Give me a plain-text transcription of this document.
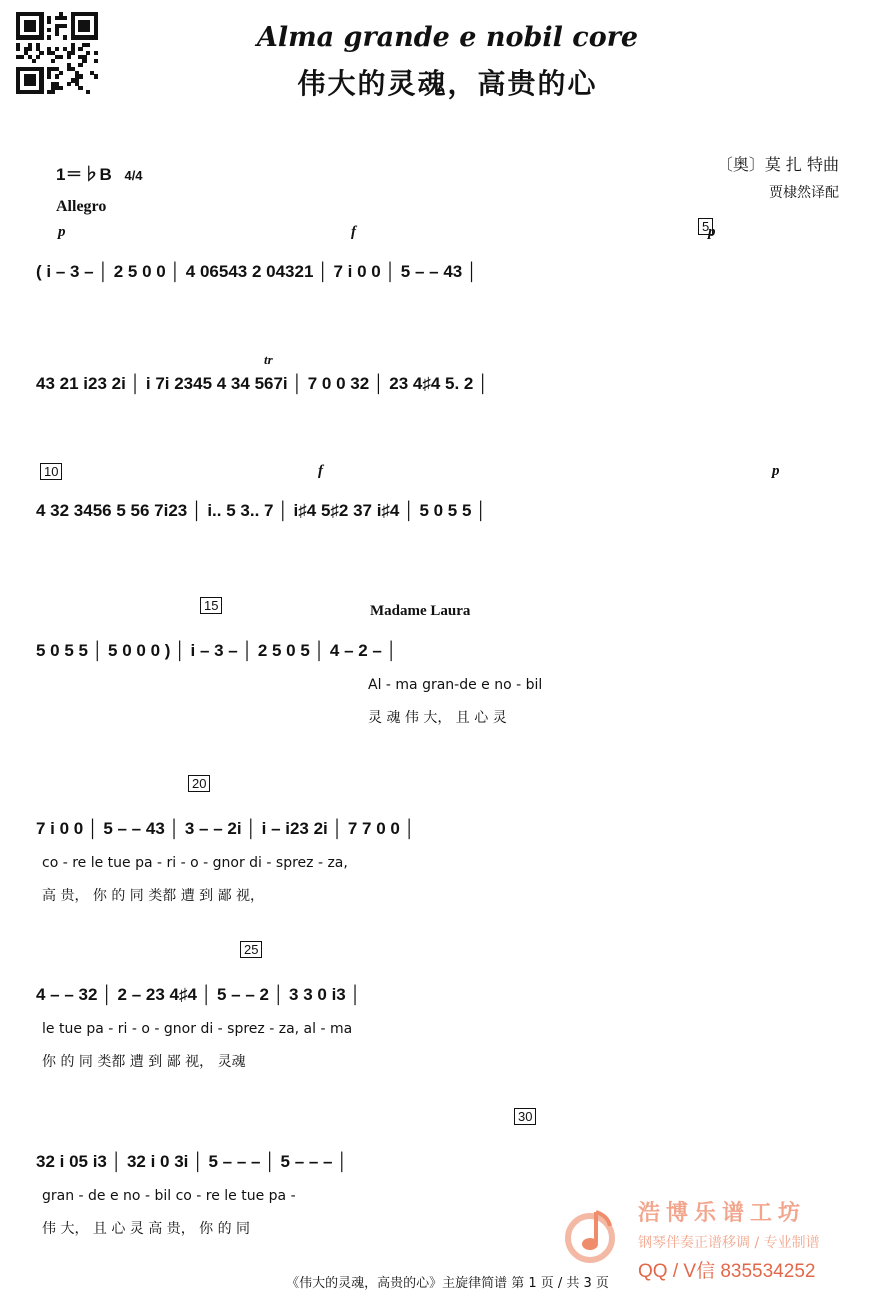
Alma grande e nobil core
伟大的灵魂，高贵的心
1＝♭B 4/4
Allegro
〔奥〕莫 扎 特曲
贾棣然译配
p	f	5
p
( i – 3 – │ 2 5 0 0 │ 4 06543 2 04321 │ 7 i 0 0 │ 5 – – 43 │
tr
43 21 i23 2i │ i 7i 2345 4 34 567i │ 7 0 0 32 │ 23 4♯4 5. 2 │
10	f	p
4 32 3456 5 56 7i23 │ i.. 5 3.. 7 │ i♯4 5♯2 37 i♯4 │ 5 0 5 5 │
15	Madame Laura
5 0 5 5 │ 5 0 0 0 ) │ i – 3 – │ 2 5 0 5 │ 4 – 2 – │
Al - ma gran-de e no - bil
灵 魂 伟 大， 且 心 灵
20
7 i 0 0 │ 5 – – 43 │ 3 – – 2i │ i – i23 2i │ 7 7 0 0 │
co - re le tue pa - ri - o - gnor di - sprez - za,
高 贵， 你 的 同 类都 遭 到 鄙 视，
25
4 – – 32 │ 2 – 23 4♯4 │ 5 – – 2 │ 3 3 0 i3 │
le tue pa - ri - o - gnor di - sprez - za, al - ma
你 的 同 类都 遭 到 鄙 视， 灵魂
30
32 i 05 i3 │ 32 i 0 3i │ 5 – – – │ 5 – – – │
gran - de e no - bil co - re le tue pa -
伟 大， 且 心 灵 高 贵， 你 的 同
浩博乐谱工坊
钢琴伴奏正谱移调 / 专业制谱
QQ / V信 835534252
《伟大的灵魂，高贵的心》主旋律简谱 第 1 页 / 共 3 页
